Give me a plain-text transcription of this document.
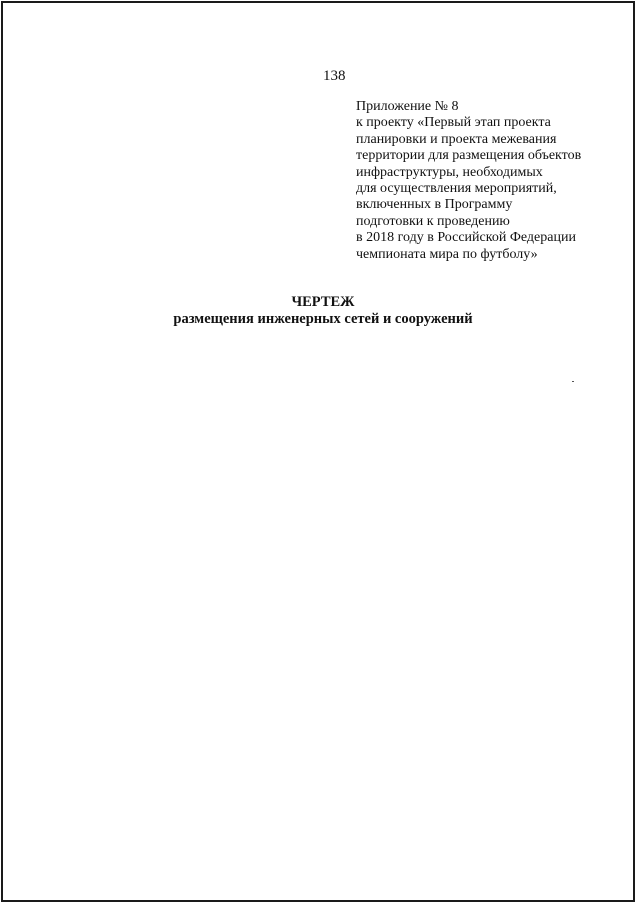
138
Приложение № 8
к проекту «Первый этап проекта
планировки и проекта межевания
территории для размещения объектов
инфраструктуры, необходимых
для осуществления мероприятий,
включенных в Программу
подготовки к проведению
в 2018 году в Российской Федерации
чемпионата мира по футболу»
ЧЕРТЕЖ
размещения инженерных сетей и сооружений
